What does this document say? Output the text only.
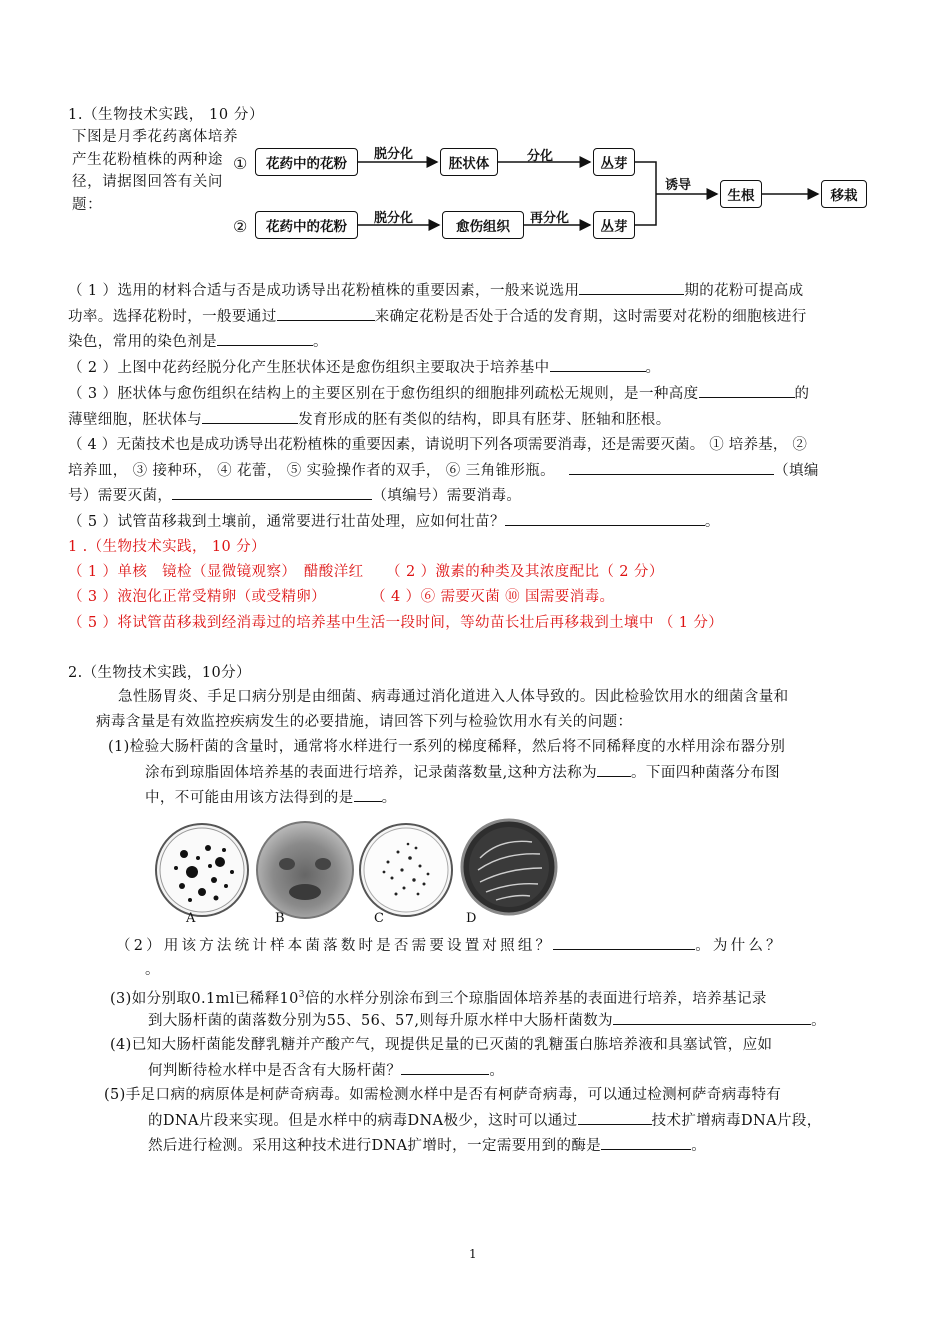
1.（生物技术实践， 10 分）
下图是月季花药离体培养产生花粉植株的两种途径，请据图回答有关问题：
①
②
花药中的花粉
花药中的花粉
胚状体
愈伤组织
丛芽
丛芽
生根	移栽
脱分化
脱分化
分化
再分化
诱导
（ 1 ）选用的材料合适与否是成功诱导出花粉植株的重要因素，一般来说选用	期的花粉可提高成
功率。选择花粉时，一般要通过	来确定花粉是否处于合适的发育期，这时需要对花粉的细胞核进行
染色，常用的染色剂是	。
（ 2 ）上图中花药经脱分化产生胚状体还是愈伤组织主要取决于培养基中	。
（ 3 ）胚状体与愈伤组织在结构上的主要区别在于愈伤组织的细胞排列疏松无规则，是一种高度	的
薄壁细胞，胚状体与	发育形成的胚有类似的结构，即具有胚芽、胚轴和胚根。
（ 4 ）无菌技术也是成功诱导出花粉植株的重要因素，请说明下列各项需要消毒，还是需要灭菌。 ① 培养基， ②
培养皿， ③ 接种环， ④ 花蕾， ⑤ 实验操作者的双手， ⑥ 三角锥形瓶。	（填编
号）需要灭菌，	（填编号）需要消毒。
（ 5 ）试管苗移栽到土壤前，通常要进行壮苗处理，应如何壮苗？	。
1 .（生物技术实践， 10 分）
（ 1 ）单核　镜检（显微镜观察）　醋酸洋红　　（ 2 ）激素的种类及其浓度配比（ 2 分）
（ 3 ）液泡化正常受精卵（或受精卵）　　　　（ 4 ）⑥ 需要灭菌 ⑩ 国需要消毒。
（ 5 ）将试管苗移栽到经消毒过的培养基中生活一段时间，等幼苗长壮后再移栽到土壤中 （ 1 分）
2.（生物技术实践，10分）
急性肠胃炎、手足口病分别是由细菌、病毒通过消化道进入人体导致的。因此检验饮用水的细菌含量和
病毒含量是有效监控疾病发生的必要措施，请回答下列与检验饮用水有关的问题：
(1)检验大肠杆菌的含量时，通常将水样进行一系列的梯度稀释，然后将不同稀释度的水样用涂布器分别
涂布到琼脂固体培养基的表面进行培养，记录菌落数量,这种方法称为 。下面四种菌落分布图
中，不可能由用该方法得到的是 。
A	B	C	D
（2）用该方法统计样本菌落数时是否需要设置对照组？	。为什么？
。
(3)如分别取0.1ml已稀释$10^3$倍的水样分别涂布到三个琼脂固体培养基的表面进行培养，培养基记录
到大肠杆菌的菌落数分别为55、56、57,则每升原水样中大肠杆菌数为	。
(4)已知大肠杆菌能发酵乳糖并产酸产气，现提供足量的已灭菌的乳糖蛋白胨培养液和具塞试管，应如
何判断待检水样中是否含有大肠杆菌？	。
(5)手足口病的病原体是柯萨奇病毒。如需检测水样中是否有柯萨奇病毒，可以通过检测柯萨奇病毒特有
的DNA片段来实现。但是水样中的病毒DNA极少，这时可以通过	技术扩增病毒DNA片段，
然后进行检测。采用这种技术进行DNA扩增时，一定需要用到的酶是	。
1
